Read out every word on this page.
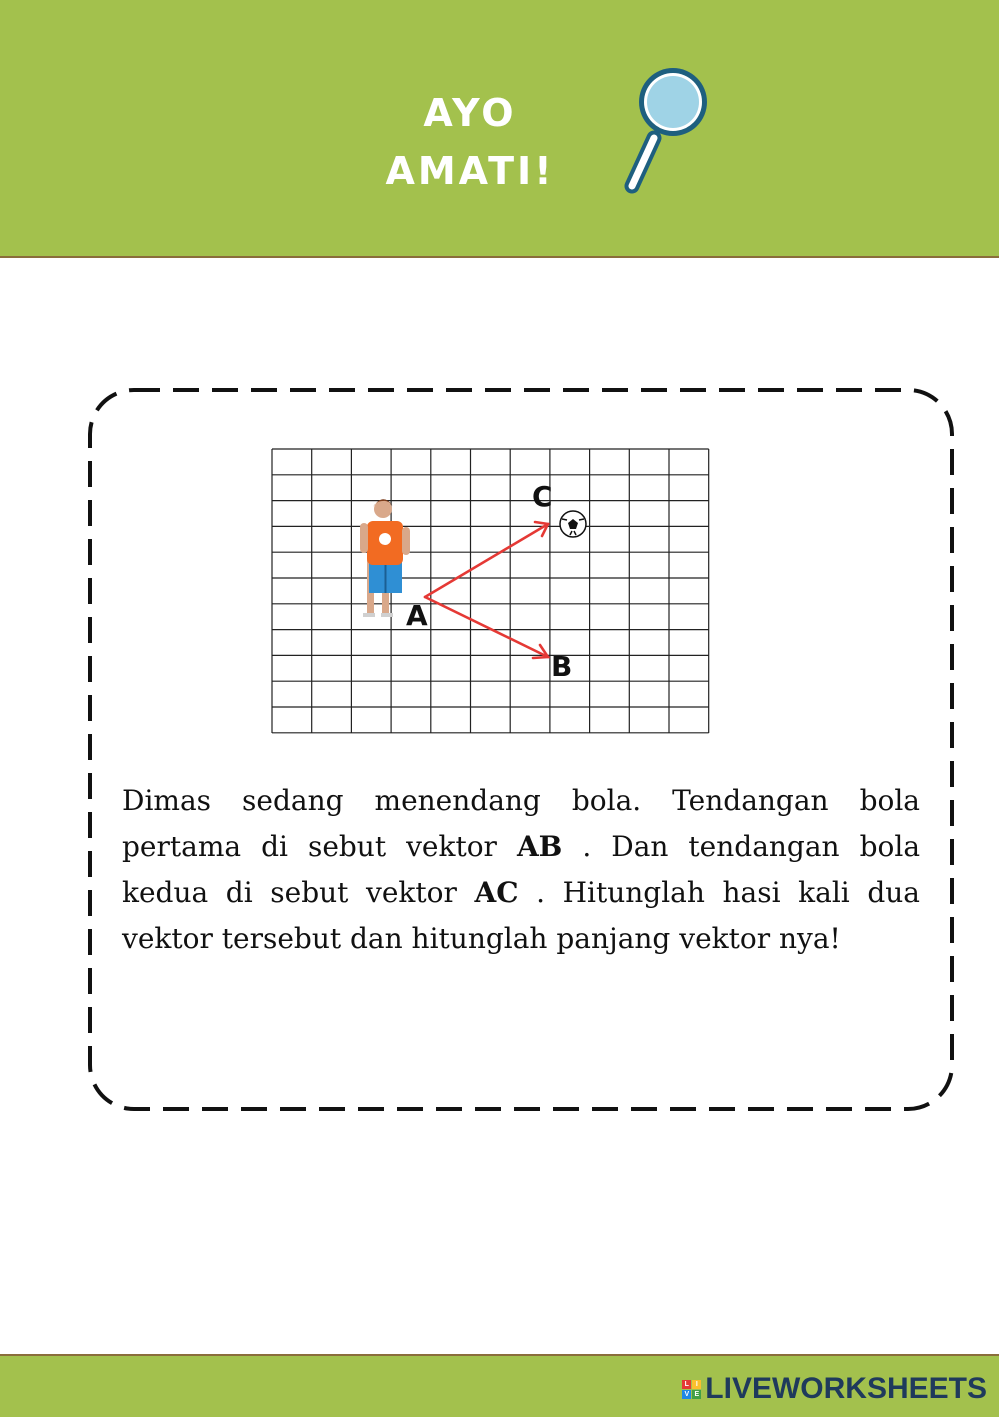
AYO
AMATI!
A
B
C

Dimas sedang menendang bola. Tendangan bola pertama di sebut vektor AB . Dan tendangan bola kedua di sebut vektor AC . Hitunglah hasi kali dua vektor tersebut dan hitunglah panjang vektor nya!

L I
V E LIVEWORKSHEETS
